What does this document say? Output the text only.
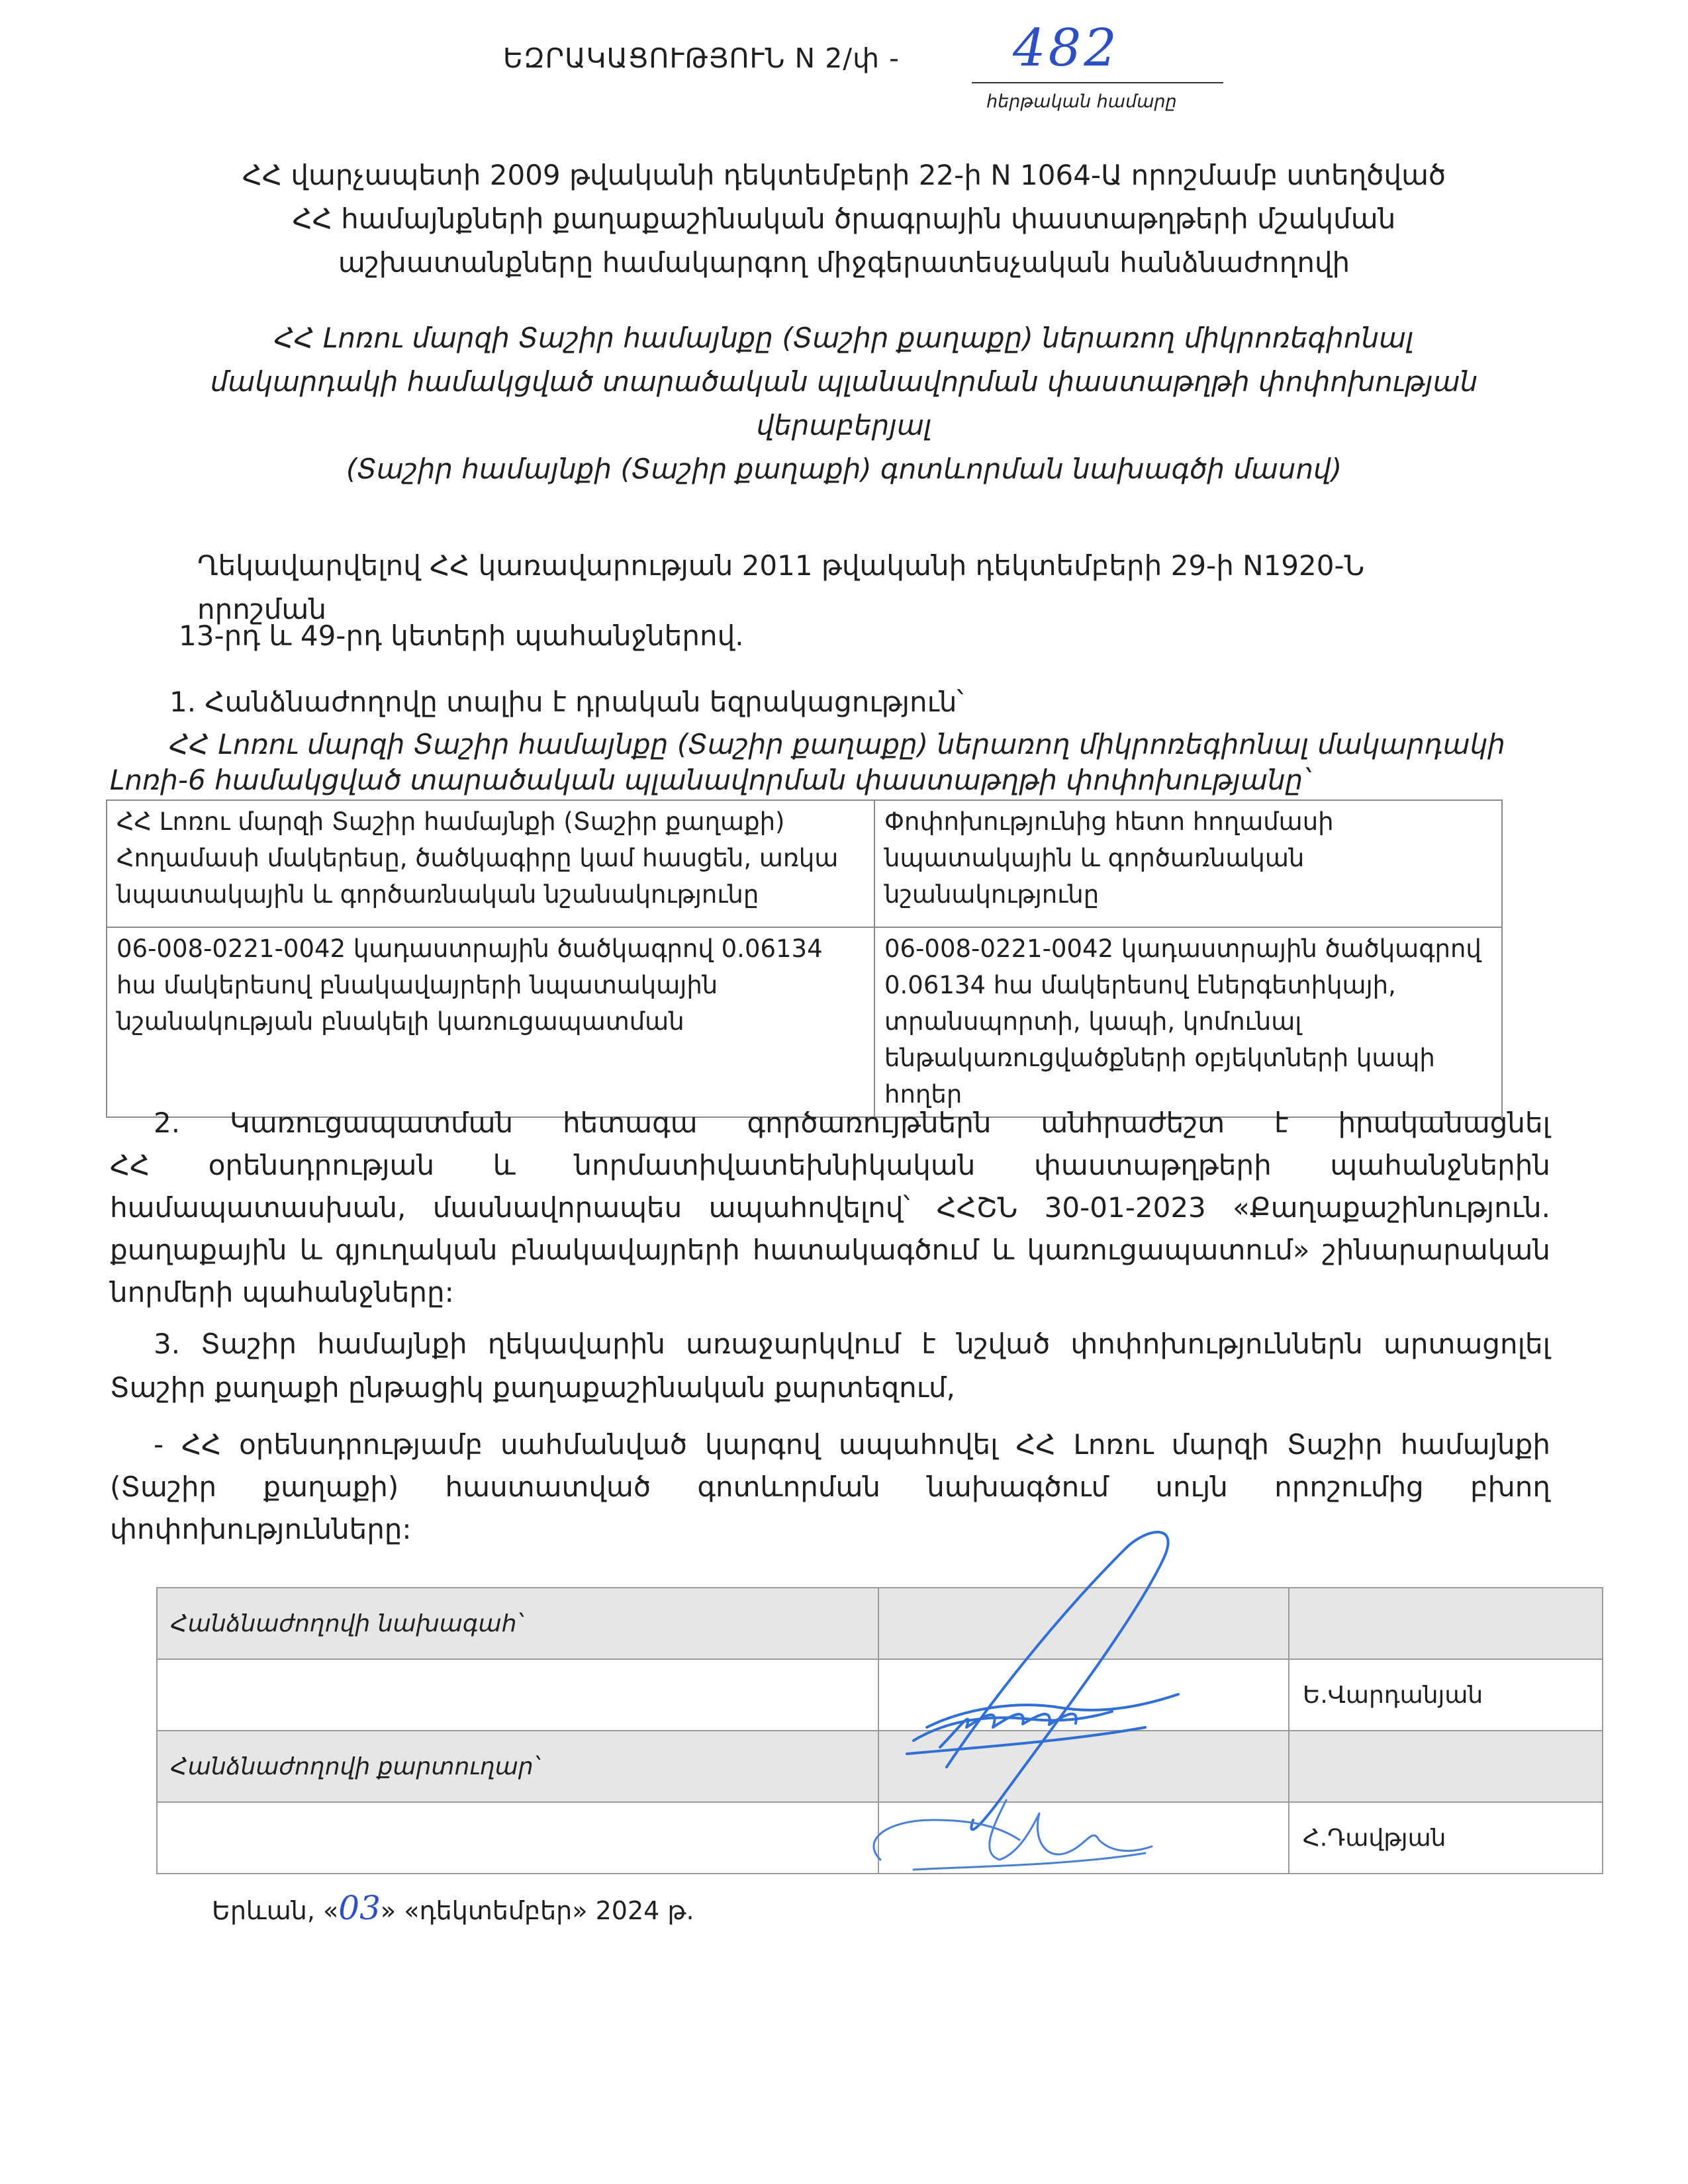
ԵԶՐԱԿԱՑՈՒԹՅՈՒՆ N 2/փ - 482
հերթական համարը
ՀՀ վարչապետի 2009 թվականի դեկտեմբերի 22-ի N 1064-Ա որոշմամբ ստեղծված
ՀՀ համայնքների քաղաքաշինական ծրագրային փաստաթղթերի մշակման
աշխատանքները համակարգող միջգերատեսչական հանձնաժողովի
ՀՀ Լոռու մարզի Տաշիր համայնքը (Տաշիր քաղաքը) ներառող միկրոռեգիոնալ
մակարդակի համակցված տարածական պլանավորման փաստաթղթի փոփոխության
վերաբերյալ
(Տաշիր համայնքի (Տաշիր քաղաքի) գոտևորման նախագծի մասով)
Ղեկավարվելով ՀՀ կառավարության 2011 թվականի դեկտեմբերի 29-ի N1920-Ն որոշման
13-րդ և 49-րդ կետերի պահանջներով.
1. Հանձնաժողովը տալիս է դրական եզրակացություն՝
ՀՀ Լոռու մարզի Տաշիր համայնքը (Տաշիր քաղաքը) ներառող միկրոռեգիոնալ մակարդակի
Լոռի-6 համակցված տարածական պլանավորման փաստաթղթի փոփոխությանը՝
ՀՀ Լոռու մարզի Տաշիր համայնքի (Տաշիր քաղաքի) Հողամասի մակերեսը, ծածկագիրը կամ հասցեն, առկա նպատակային և գործառնական նշանակությունը	Փոփոխությունից հետո հողամասի նպատակային և գործառնական նշանակությունը
06-008-0221-0042 կադաստրային ծածկագրով 0.06134 հա մակերեսով բնակավայրերի նպատակային նշանակության բնակելի կառուցապատման	06-008-0221-0042 կադաստրային ծածկագրով 0.06134 հա մակերեսով էներգետիկայի, տրանսպորտի, կապի, կոմունալ ենթակառուցվածքների օբյեկտների կապի հողեր
2. Կառուցապատման հետագա գործառույթներն անհրաժեշտ է իրականացնել
ՀՀ օրենսդրության և նորմատիվատեխնիկական փաստաթղթերի պահանջներին
համապատասխան, մասնավորապես ապահովելով՝ ՀՀՇՆ 30-01-2023 «Քաղաքաշինություն.
քաղաքային և գյուղական բնակավայրերի հատակագծում և կառուցապատում» շինարարական
նորմերի պահանջները:
3. Տաշիր համայնքի ղեկավարին առաջարկվում է նշված փոփոխություններն արտացոլել
Տաշիր քաղաքի ընթացիկ քաղաքաշինական քարտեզում,
- ՀՀ օրենսդրությամբ սահմանված կարգով ապահովել ՀՀ Լոռու մարզի Տաշիր համայնքի
(Տաշիր քաղաքի) հաստատված գոտևորման նախագծում սույն որոշումից բխող
փոփոխությունները:
Հանձնաժողովի նախագահ՝		
		Ե.Վարդանյան
Հանձնաժողովի քարտուղար՝		
		Հ.Դավթյան
Երևան, «03» «դեկտեմբեր» 2024 թ.
